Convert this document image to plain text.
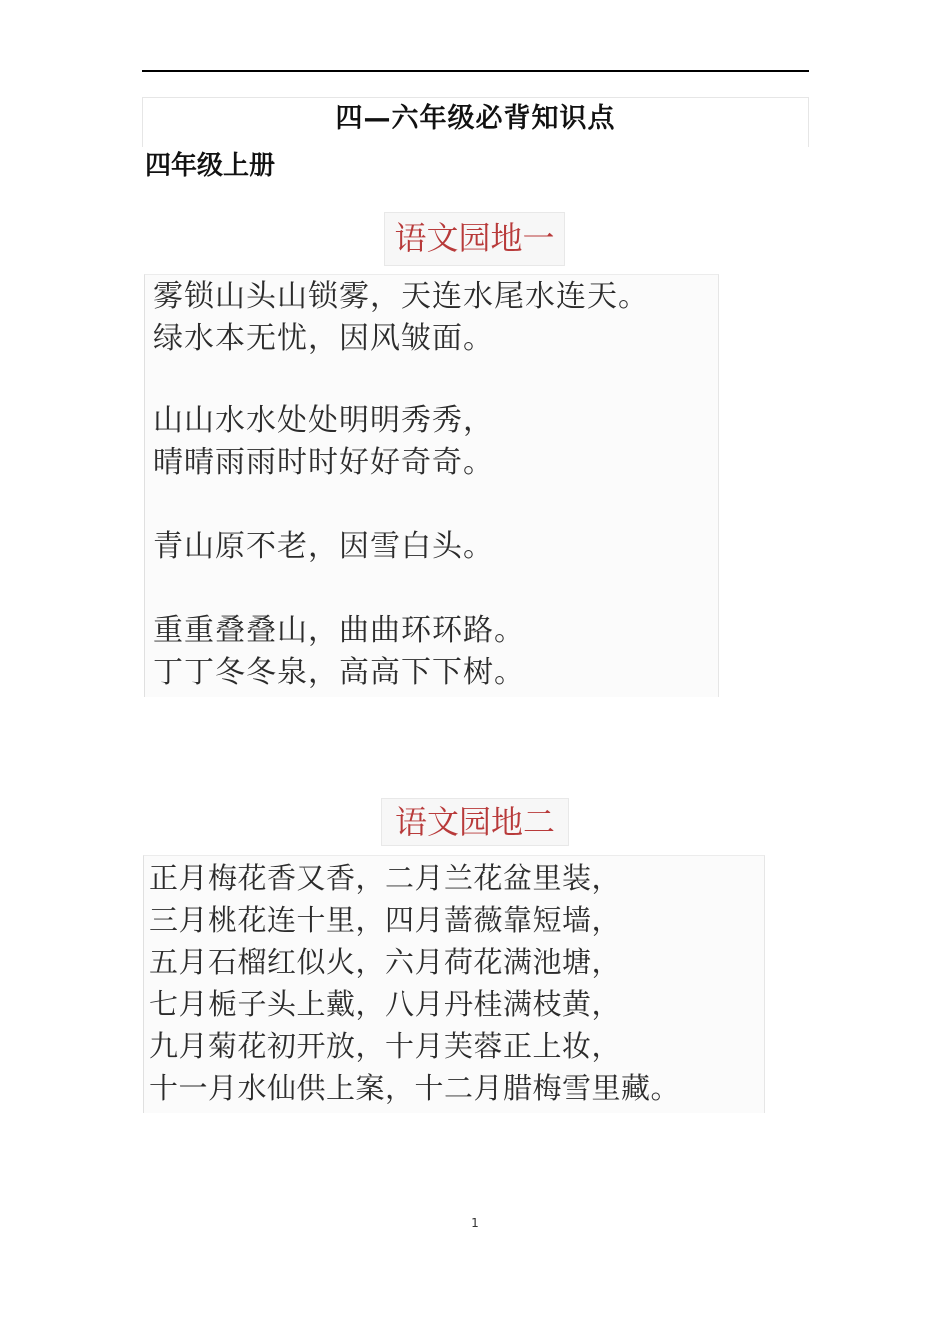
四—六年级必背知识点
四年级上册
语文园地一
雾锁山头山锁雾，天连水尾水连天。
绿水本无忧，因风皱面。
山山水水处处明明秀秀，
晴晴雨雨时时好好奇奇。
青山原不老，因雪白头。
重重叠叠山，曲曲环环路。
丁丁冬冬泉，高高下下树。
语文园地二
正月梅花香又香，二月兰花盆里装，
三月桃花连十里，四月蔷薇靠短墙，
五月石榴红似火，六月荷花满池塘，
七月栀子头上戴，八月丹桂满枝黄，
九月菊花初开放，十月芙蓉正上妆，
十一月水仙供上案，十二月腊梅雪里藏。
1
